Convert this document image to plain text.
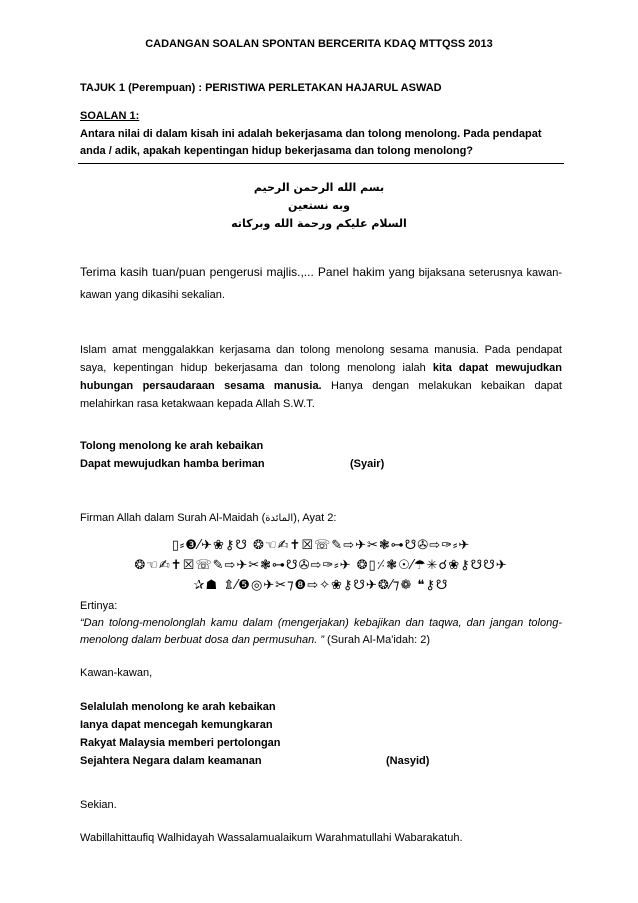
CADANGAN SOALAN SPONTAN BERCERITA KDAQ MTTQSS 2013
TAJUK 1 (Perempuan) : PERISTIWA PERLETAKAN HAJARUL ASWAD
SOALAN 1:
Antara nilai di dalam kisah ini adalah bekerjasama dan tolong menolong. Pada pendapat anda / adik, apakah kepentingan hidup bekerjasama dan tolong menolong?
بسم الله الرحمن الرحيم
وبه نستعين
السلام عليكم ورحمة الله وبركاته
Terima kasih tuan/puan pengerusi majlis.,... Panel hakim yang bijaksana seterusnya kawan-kawan yang dikasihi sekalian.
Islam amat menggalakkan kerjasama dan tolong menolong sesama manusia. Pada pendapat saya, kepentingan hidup bekerjasama dan tolong menolong ialah kita dapat mewujudkan hubungan persaudaraan sesama manusia. Hanya dengan melakukan kebaikan dapat melahirkan rasa ketakwaan kepada Allah S.W.T.
Tolong menolong ke arah kebaikan
Dapat mewujudkan hamba beriman	(Syair)
Firman Allah dalam Surah Al-Maidah (المائدة), Ayat 2:
▯⸗❸⁄✈❀⚷☋ ❂☜✍✝☒☏✎⇨✈✂❃⊶☋✇⇨✑⸗✈
❂☜✍✝☒☏✎⇨✈✂❃⊶☋✇⇨✑⸗✈ ❂▯⸓❃☉⁄☂✳☌❀⚷☋☋✈
✰☗ ⇭⁄❺◎✈✂⁊❽⇨✧❀⚷☋✈❂⁄⁊❁ ❝⚷☋
Ertinya:
“Dan tolong-menolonglah kamu dalam (mengerjakan) kebajikan dan taqwa, dan jangan tolong-menolong dalam berbuat dosa dan permusuhan. ” (Surah Al-Ma'idah: 2)
Kawan-kawan,
Selalulah menolong ke arah kebaikan
Ianya dapat mencegah kemungkaran
Rakyat Malaysia memberi pertolongan
Sejahtera Negara dalam keamanan	(Nasyid)
Sekian.
Wabillahittaufiq Walhidayah Wassalamualaikum Warahmatullahi Wabarakatuh.
